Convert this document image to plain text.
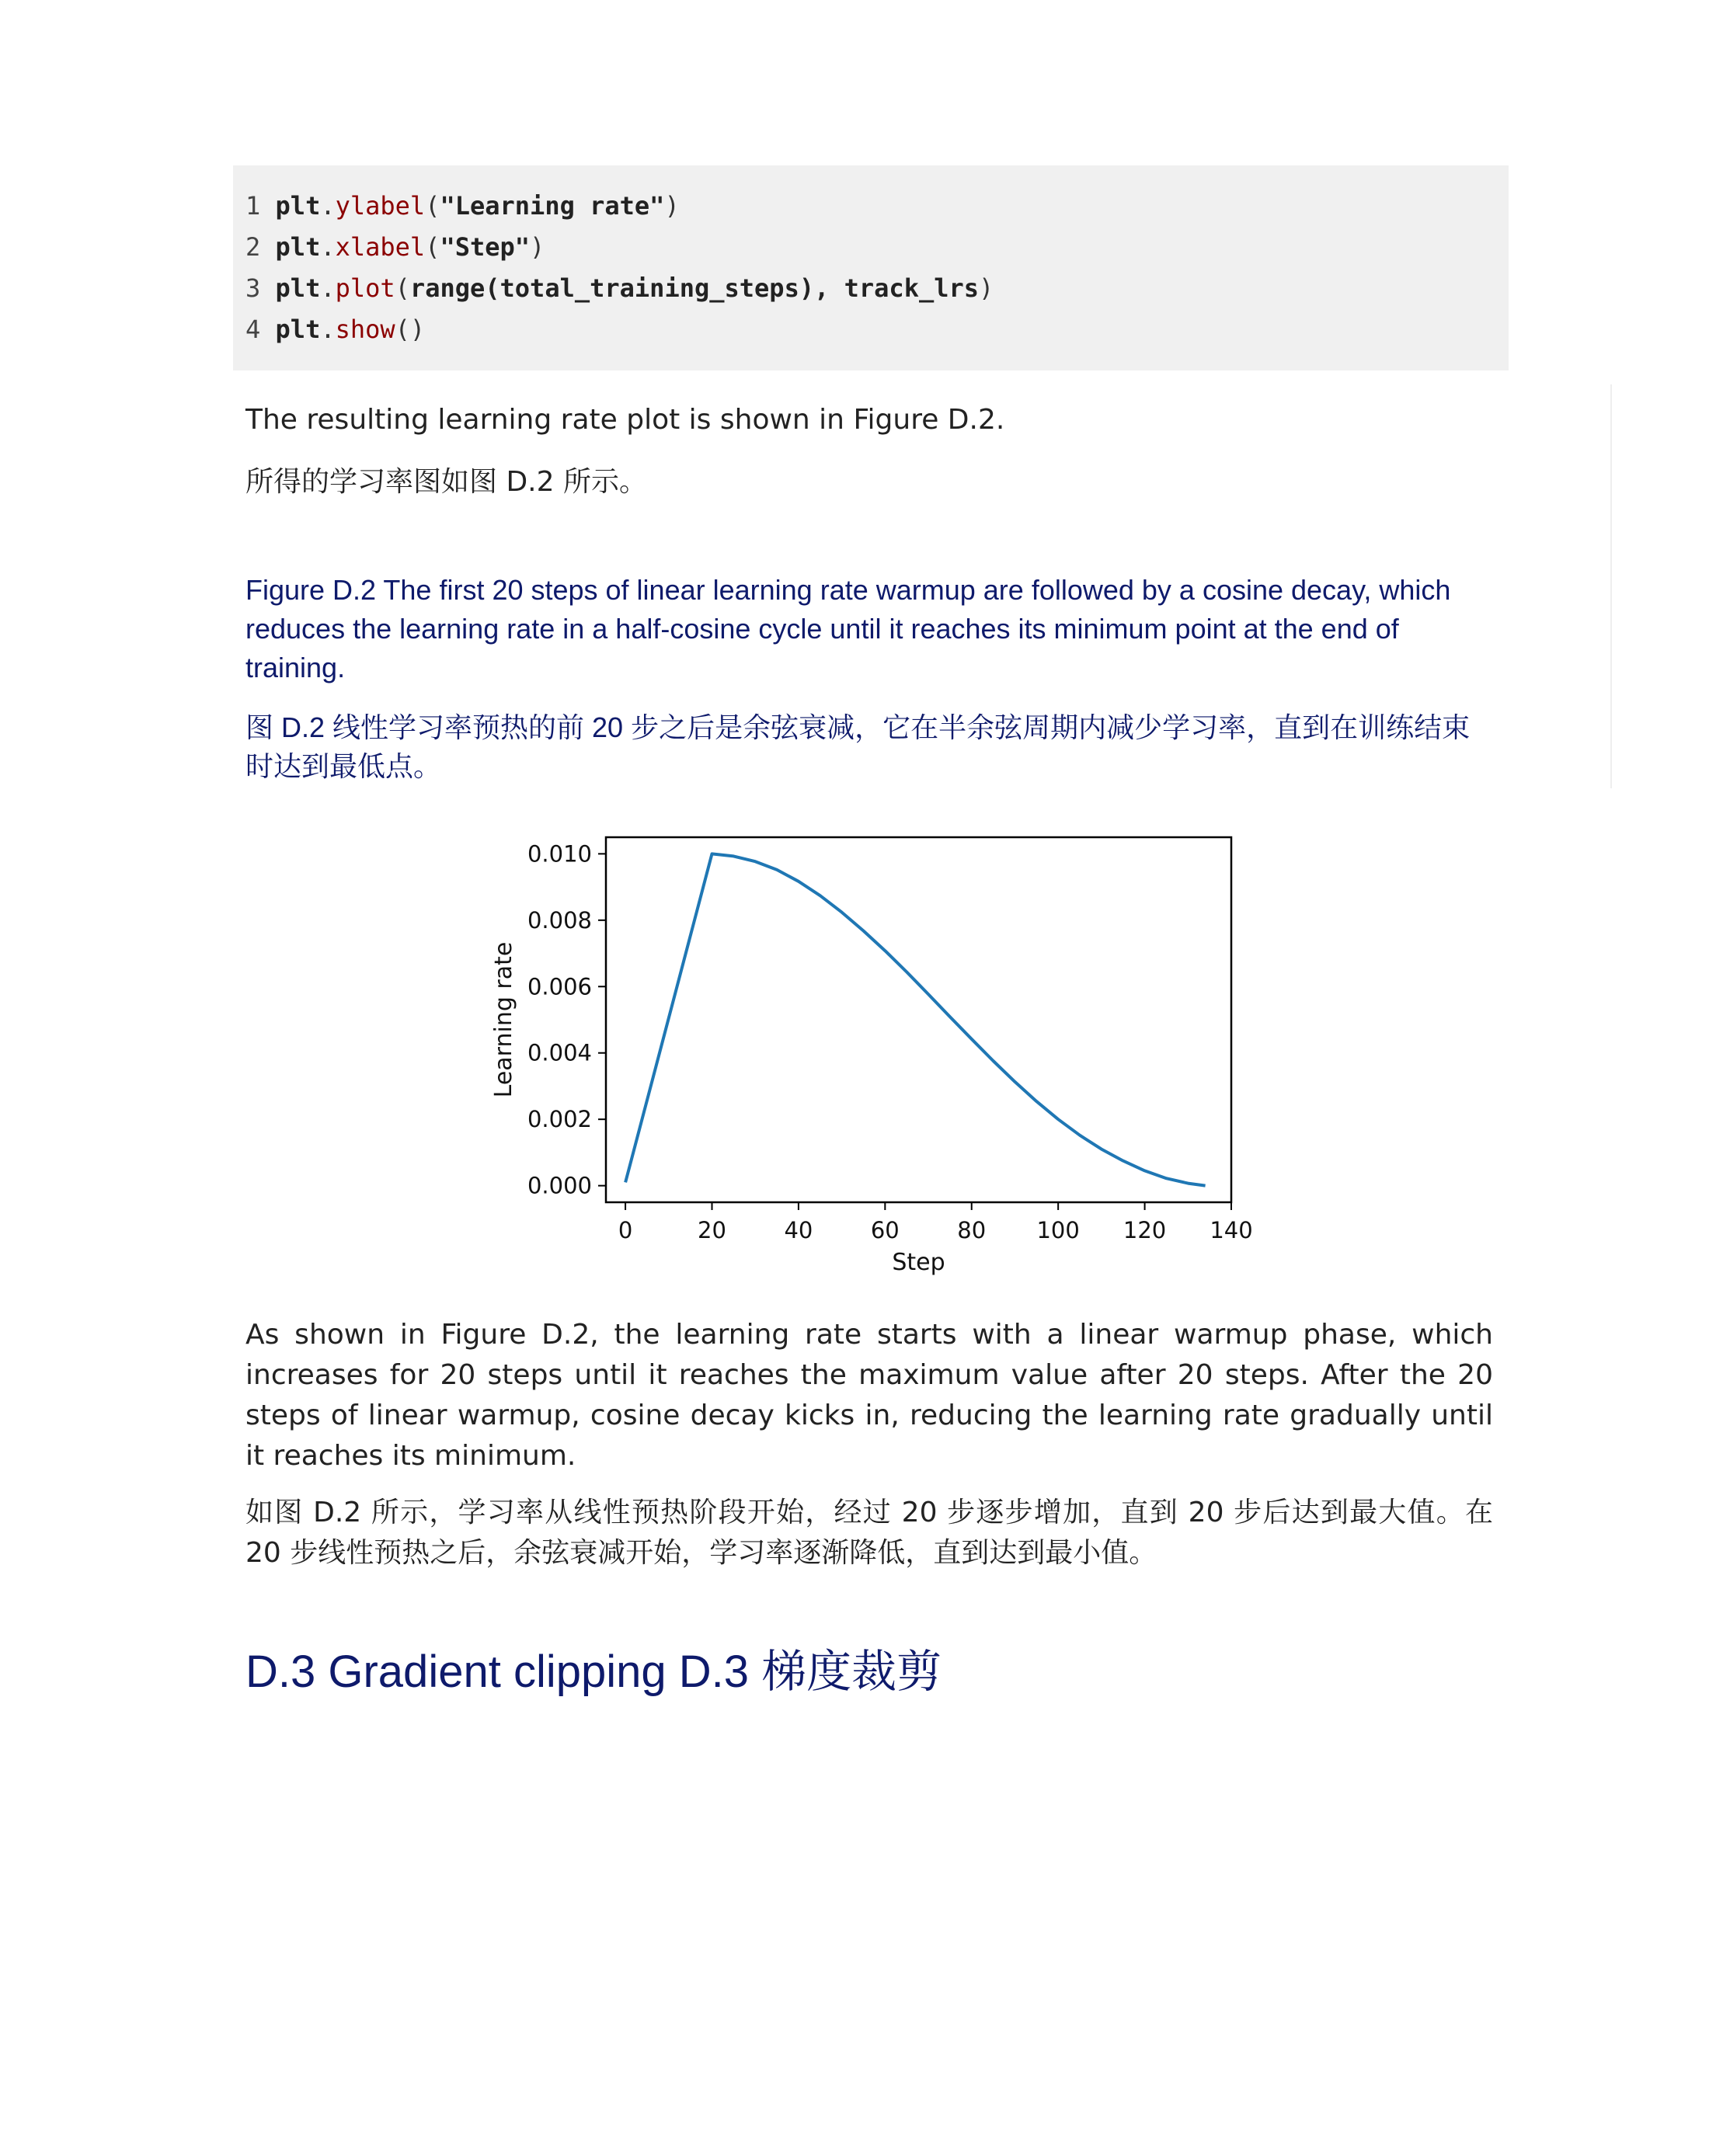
1 plt.ylabel("Learning rate")
2 plt.xlabel("Step")
3 plt.plot(range(total_training_steps), track_lrs)
4 plt.show()
The resulting learning rate plot is shown in Figure D.2.
所得的学习率图如图 D.2 所示。
Figure D.2 The first 20 steps of linear learning rate warmup are followed by a cosine decay, which reduces the learning rate in a half-cosine cycle until it reaches its minimum point at the end of training.
图 D.2 线性学习率预热的前 20 步之后是余弦衰减，它在半余弦周期内减少学习率，直到在训练结束时达到最低点。
0	20	40	60	80 100 120 140
0.000
0.002
0.004
0.006
0.008
0.010
Step
Learning rate
As shown in Figure D.2, the learning rate starts with a linear warmup phase, which increases for 20 steps until it reaches the maximum value after 20 steps. After the 20 steps of linear warmup, cosine decay kicks in, reducing the learning rate gradually until it reaches its minimum.
如图 D.2 所示，学习率从线性预热阶段开始，经过 20 步逐步增加，直到 20 步后达到最大值。在 20 步线性预热之后，余弦衰减开始，学习率逐渐降低，直到达到最小值。
D.3 Gradient clipping D.3 梯度裁剪
